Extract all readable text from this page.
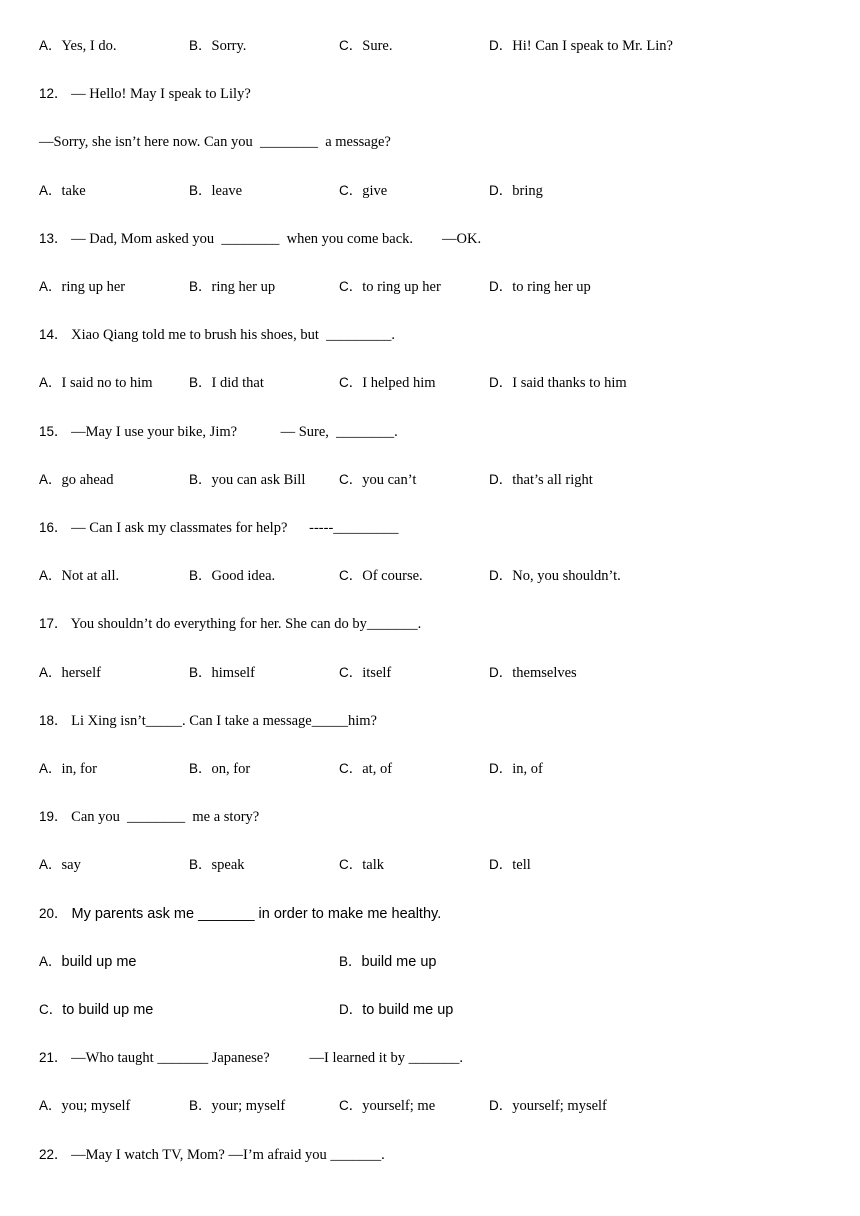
A．Yes, I do.	B．Sorry.	C．Sure.	D．Hi! Can I speak to Mr. Lin?
12． — Hello! May I speak to Lily?
—Sorry, she isn’t here now. Can you  ________  a message?
A．take	B．leave	C．give	D．bring
13． — Dad, Mom asked you  ________  when you come back.        —OK.
A．ring up her	B．ring her up	C．to ring up her	D．to ring her up
14． Xiao Qiang told me to brush his shoes, but  _________.
A．I said no to him	B．I did that	C．I helped him	D．I said thanks to him
15． —May I use your bike, Jim?            — Sure,  ________.
A．go ahead	B．you can ask Bill C．you can’t	D．that’s all right
16． — Can I ask my classmates for help?      -----_________
A．Not at all.	B．Good idea.	C．Of course.	D．No, you shouldn’t.
17． You shouldn’t do everything for her. She can do by_______.
A．herself	B．himself	C．itself	D．themselves
18． Li Xing isn’t_____. Can I take a message_____him?
A．in, for	B．on, for	C．at, of	D．in, of
19． Can you  ________  me a story?
A．say	B．speak	C．talk	D．tell
20． My parents ask me _______ in order to make me healthy.
A．build up me	B．build me up
C．to build up me	D．to build me up
21． —Who taught _______ Japanese?           —I learned it by _______.
A．you; myself	B．your; myself	C．yourself; me	D．yourself; myself
22． —May I watch TV, Mom? —I’m afraid you _______.
